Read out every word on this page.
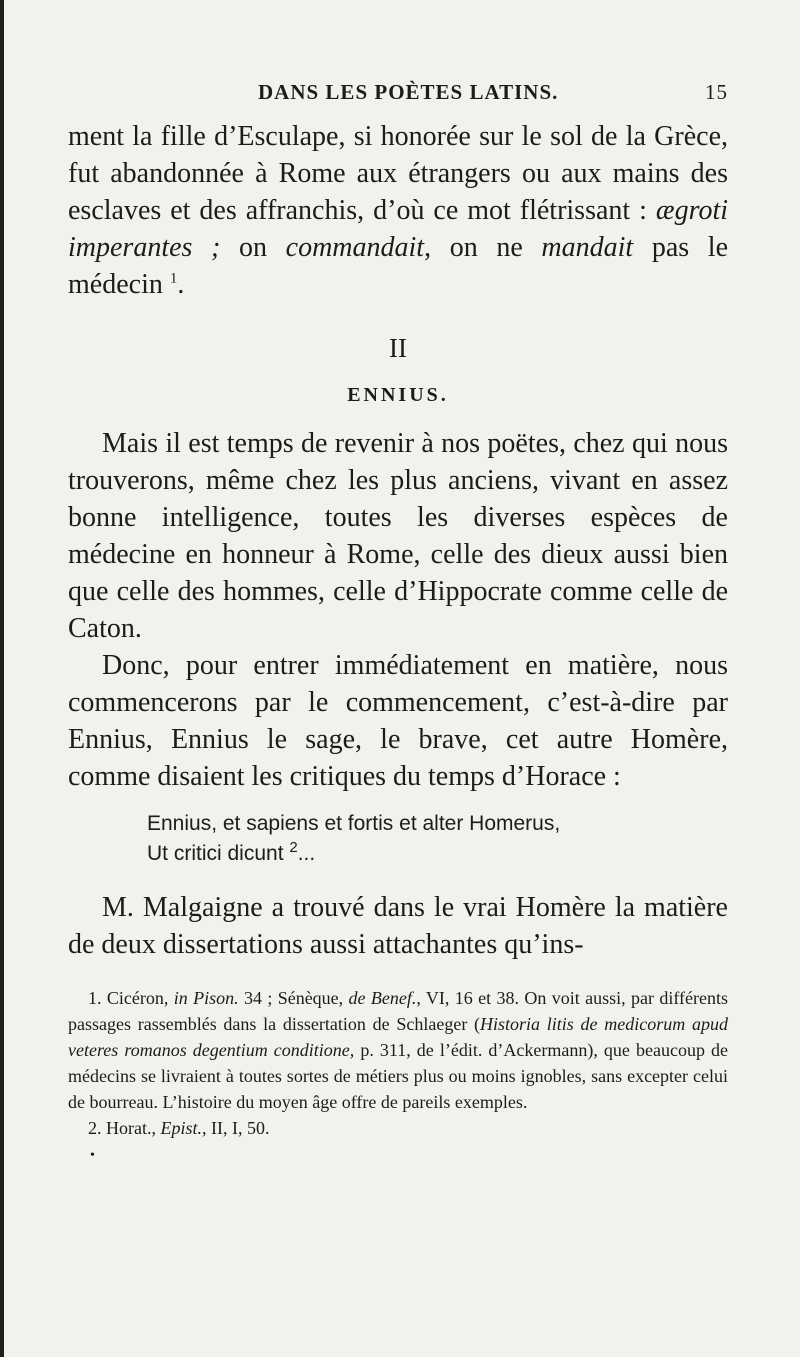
DANS LES POÈTES LATINS.	15

ment la fille d’Esculape, si honorée sur le sol de la Grèce, fut abandonnée à Rome aux étrangers ou aux mains des esclaves et des affranchis, d’où ce mot flétrissant : ægroti imperantes ; on commandait, on ne mandait pas le médecin $^1$.

II
ENNIUS.

Mais il est temps de revenir à nos poëtes, chez qui nous trouverons, même chez les plus anciens, vivant en assez bonne intelligence, toutes les diverses espèces de médecine en honneur à Rome, celle des dieux aussi bien que celle des hommes, celle d’Hippocrate comme celle de Caton.

Donc, pour entrer immédiatement en matière, nous commencerons par le commencement, c’est-à-dire par Ennius, Ennius le sage, le brave, cet autre Homère, comme disaient les critiques du temps d’Horace :

Ennius, et sapiens et fortis et alter Homerus,
Ut critici dicunt $^2$...

M. Malgaigne a trouvé dans le vrai Homère la matière de deux dissertations aussi attachantes qu’ins-

1. Cicéron, in Pison. 34 ; Sénèque, de Benef., VI, 16 et 38. On voit aussi, par différents passages rassemblés dans la dissertation de Schlaeger (Historia litis de medicorum apud veteres romanos degentium conditione, p. 311, de l’édit. d’Ackermann), que beaucoup de médecins se livraient à toutes sortes de métiers plus ou moins ignobles, sans excepter celui de bourreau. L’histoire du moyen âge offre de pareils exemples.

2. Horat., Epist., II, I, 50.

•
